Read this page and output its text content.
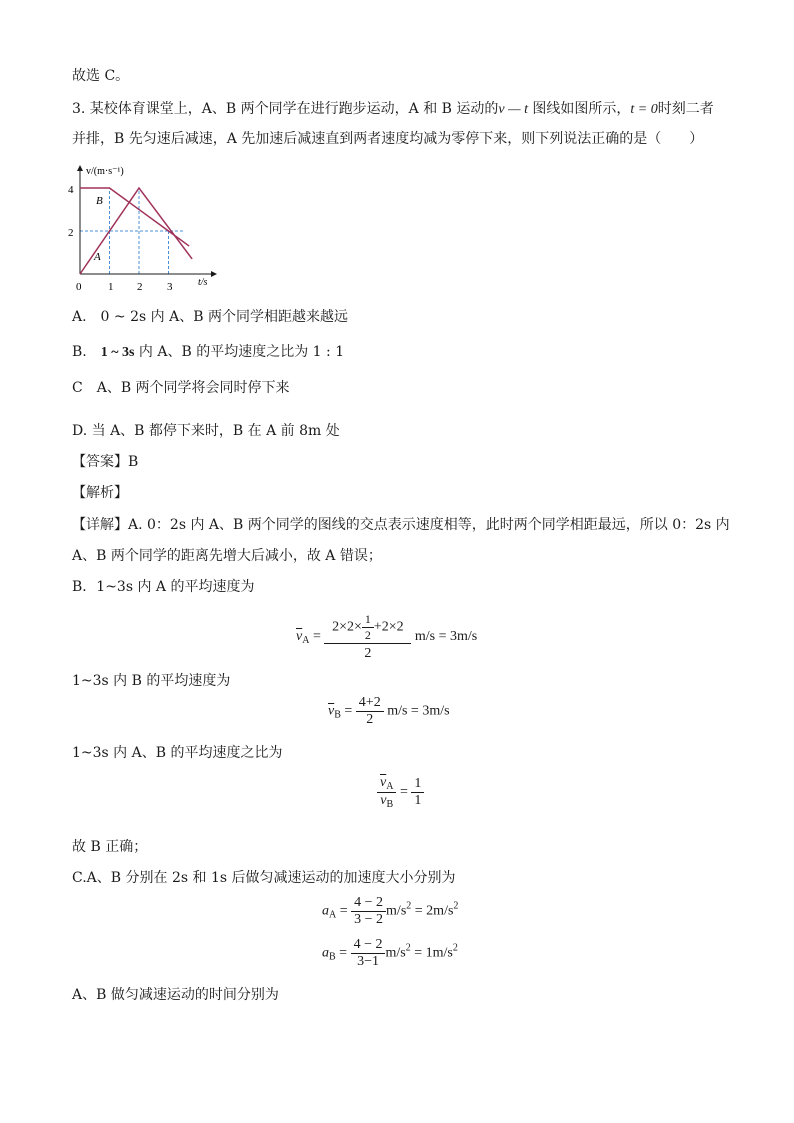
故选 C。
3. 某校体育课堂上，A、B 两个同学在进行跑步运动，A 和 B 运动的v — t 图线如图所示，t = 0时刻二者
并排，B 先匀速后减速，A 先加速后减速直到两者速度均减为零停下来，则下列说法正确的是（　　）
v/(m·s⁻¹)
t/s
4
2
0 1 2 3
B
A
A.　0 ~ 2s 内 A、B 两个同学相距越来越远
B.　1 ~ 3s 内 A、B 的平均速度之比为 1 : 1
C　A、B 两个同学将会同时停下来
D. 当 A、B 都停下来时，B 在 A 前 8m 处
【答案】B
【解析】
【详解】A. 0：2s 内 A、B 两个同学的图线的交点表示速度相等，此时两个同学相距最远，所以 0：2s 内
A、B 两个同学的距离先增大后减小，故 A 错误；
B．1~3s 内 A 的平均速度为
$\overline{v}_A = \frac{2\times 2\times \frac{1}{2} +2\times 2}{2} m/s = 3m/s$
1~3s 内 B 的平均速度为
$\overline{v}_B = \frac{4+2}{2} m/s = 3m/s$
1~3s 内 A、B 的平均速度之比为
$\frac{\overline{v}_A}{\overline{v}_B} = \frac{1}{1}$
故 B 正确；
C.A、B 分别在 2s 和 1s 后做匀减速运动的加速度大小分别为
$a_A = \frac{4 - 2}{3 - 2} m/s^2 = 2m/s^2$
$a_B = \frac{4 - 2}{3-1} m/s^2 = 1m/s^2$
A、B 做匀减速运动的时间分别为
